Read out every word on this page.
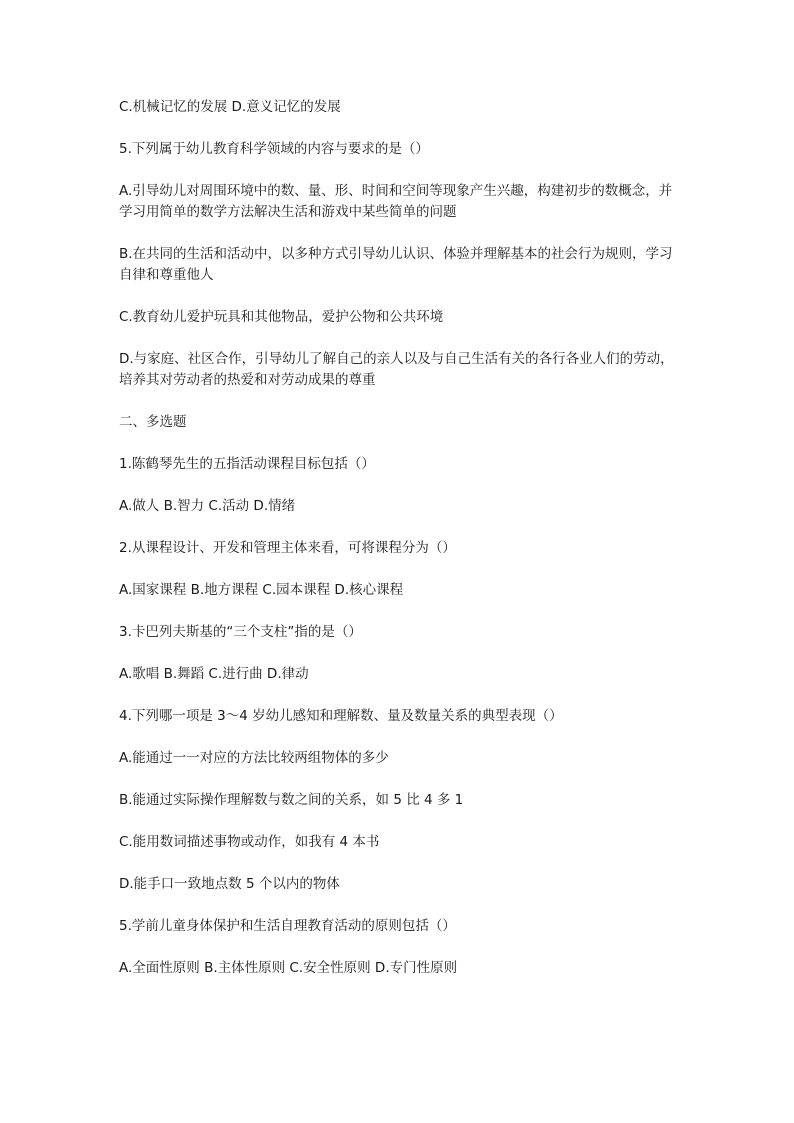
C.机械记忆的发展 D.意义记忆的发展

5.下列属于幼儿教育科学领域的内容与要求的是（）

A.引导幼儿对周围环境中的数、量、形、时间和空间等现象产生兴趣，构建初步的数概念，并学习用简单的数学方法解决生活和游戏中某些简单的问题

B.在共同的生活和活动中，以多种方式引导幼儿认识、体验并理解基本的社会行为规则，学习自律和尊重他人

C.教育幼儿爱护玩具和其他物品，爱护公物和公共环境

D.与家庭、社区合作，引导幼儿了解自己的亲人以及与自己生活有关的各行各业人们的劳动，培养其对劳动者的热爱和对劳动成果的尊重

二、多选题

1.陈鹤琴先生的五指活动课程目标包括（）

A.做人 B.智力 C.活动 D.情绪

2.从课程设计、开发和管理主体来看，可将课程分为（）

A.国家课程 B.地方课程 C.园本课程 D.核心课程

3.卡巴列夫斯基的“三个支柱”指的是（）

A.歌唱 B.舞蹈 C.进行曲 D.律动

4.下列哪一项是 3～4 岁幼儿感知和理解数、量及数量关系的典型表现（）

A.能通过一一对应的方法比较两组物体的多少

B.能通过实际操作理解数与数之间的关系，如 5 比 4 多 1

C.能用数词描述事物或动作，如我有 4 本书

D.能手口一致地点数 5 个以内的物体

5.学前儿童身体保护和生活自理教育活动的原则包括（）

A.全面性原则 B.主体性原则 C.安全性原则 D.专门性原则
